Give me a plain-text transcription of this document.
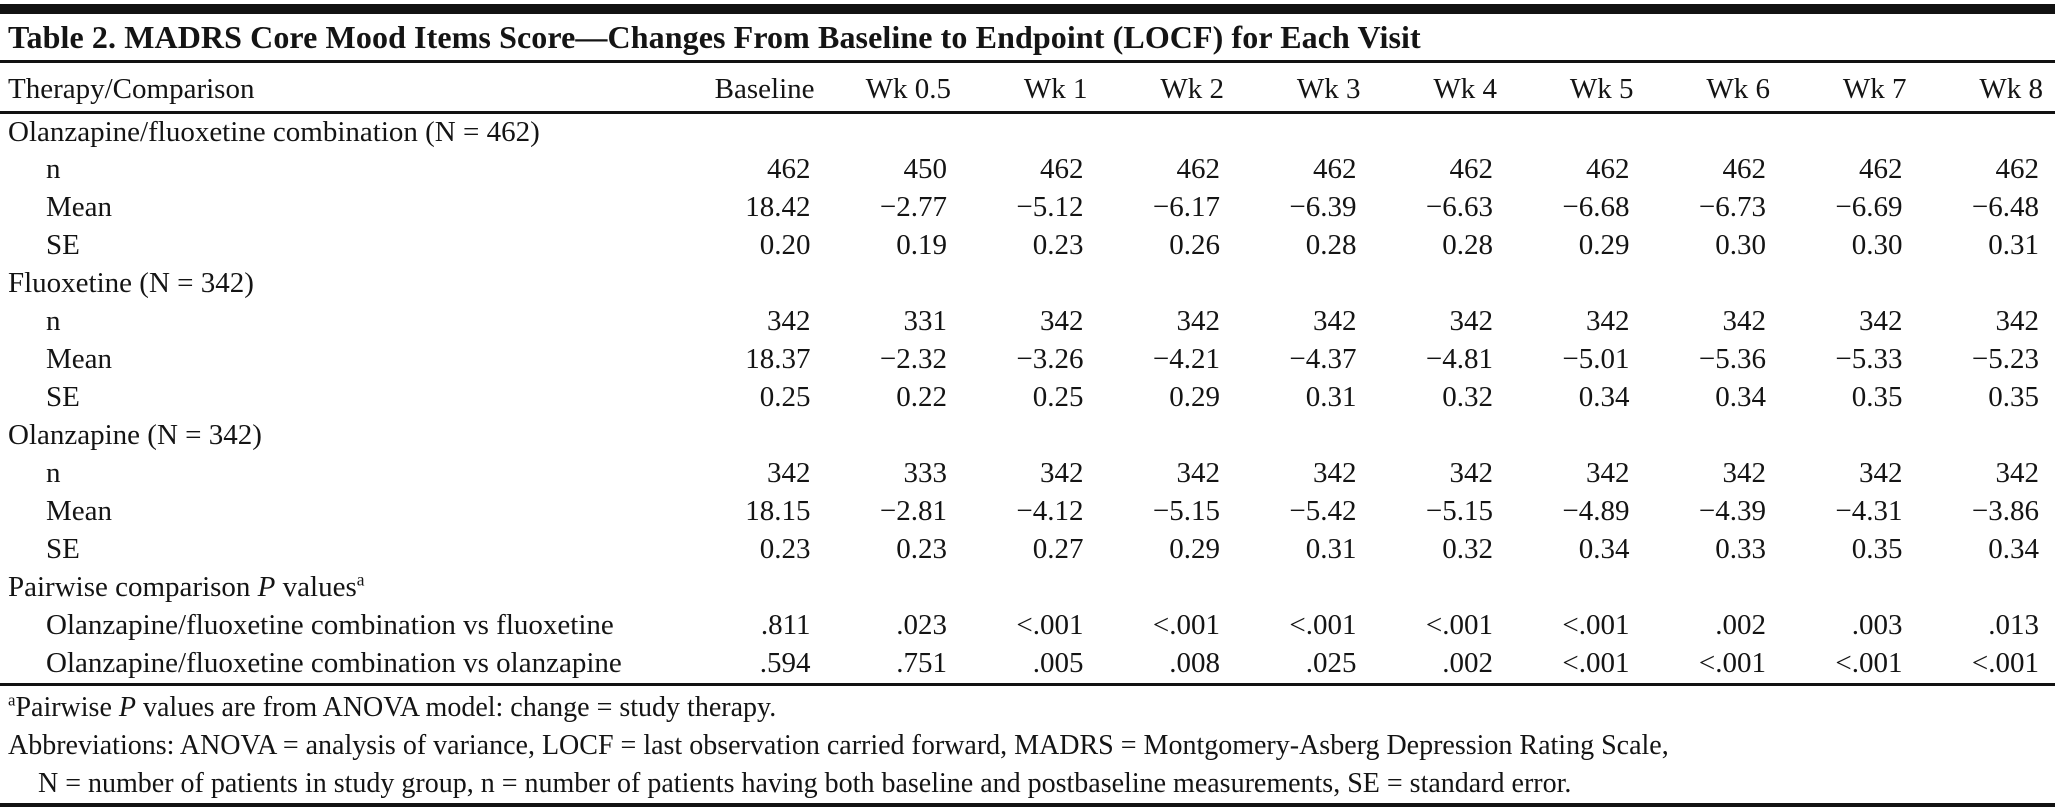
Table 2. MADRS Core Mood Items Score—Changes From Baseline to Endpoint (LOCF) for Each Visit
Therapy/Comparison	Baseline	Wk 0.5	Wk 1	Wk 2	Wk 3	Wk 4	Wk 5	Wk 6	Wk 7	Wk 8
Olanzapine/fluoxetine combination (N = 462)										
n	462	450	462	462	462	462	462	462	462	462
Mean	18.42	−2.77	−5.12	−6.17	−6.39	−6.63	−6.68	−6.73	−6.69	−6.48
SE	0.20	0.19	0.23	0.26	0.28	0.28	0.29	0.30	0.30	0.31
Fluoxetine (N = 342)										
n	342	331	342	342	342	342	342	342	342	342
Mean	18.37	−2.32	−3.26	−4.21	−4.37	−4.81	−5.01	−5.36	−5.33	−5.23
SE	0.25	0.22	0.25	0.29	0.31	0.32	0.34	0.34	0.35	0.35
Olanzapine (N = 342)										
n	342	333	342	342	342	342	342	342	342	342
Mean	18.15	−2.81	−4.12	−5.15	−5.42	−5.15	−4.89	−4.39	−4.31	−3.86
SE	0.23	0.23	0.27	0.29	0.31	0.32	0.34	0.33	0.35	0.34
Pairwise comparison P values$^a$
Olanzapine/fluoxetine combination vs fluoxetine	.811	.023	<.001	<.001	<.001	<.001	<.001	.002	.003	.013
Olanzapine/fluoxetine combination vs olanzapine	.594	.751	.005	.008	.025	.002	<.001	<.001	<.001	<.001
$^a$Pairwise P values are from ANOVA model: change = study therapy.
Abbreviations: ANOVA = analysis of variance, LOCF = last observation carried forward, MADRS = Montgomery-Asberg Depression Rating Scale,
N = number of patients in study group, n = number of patients having both baseline and postbaseline measurements, SE = standard error.
